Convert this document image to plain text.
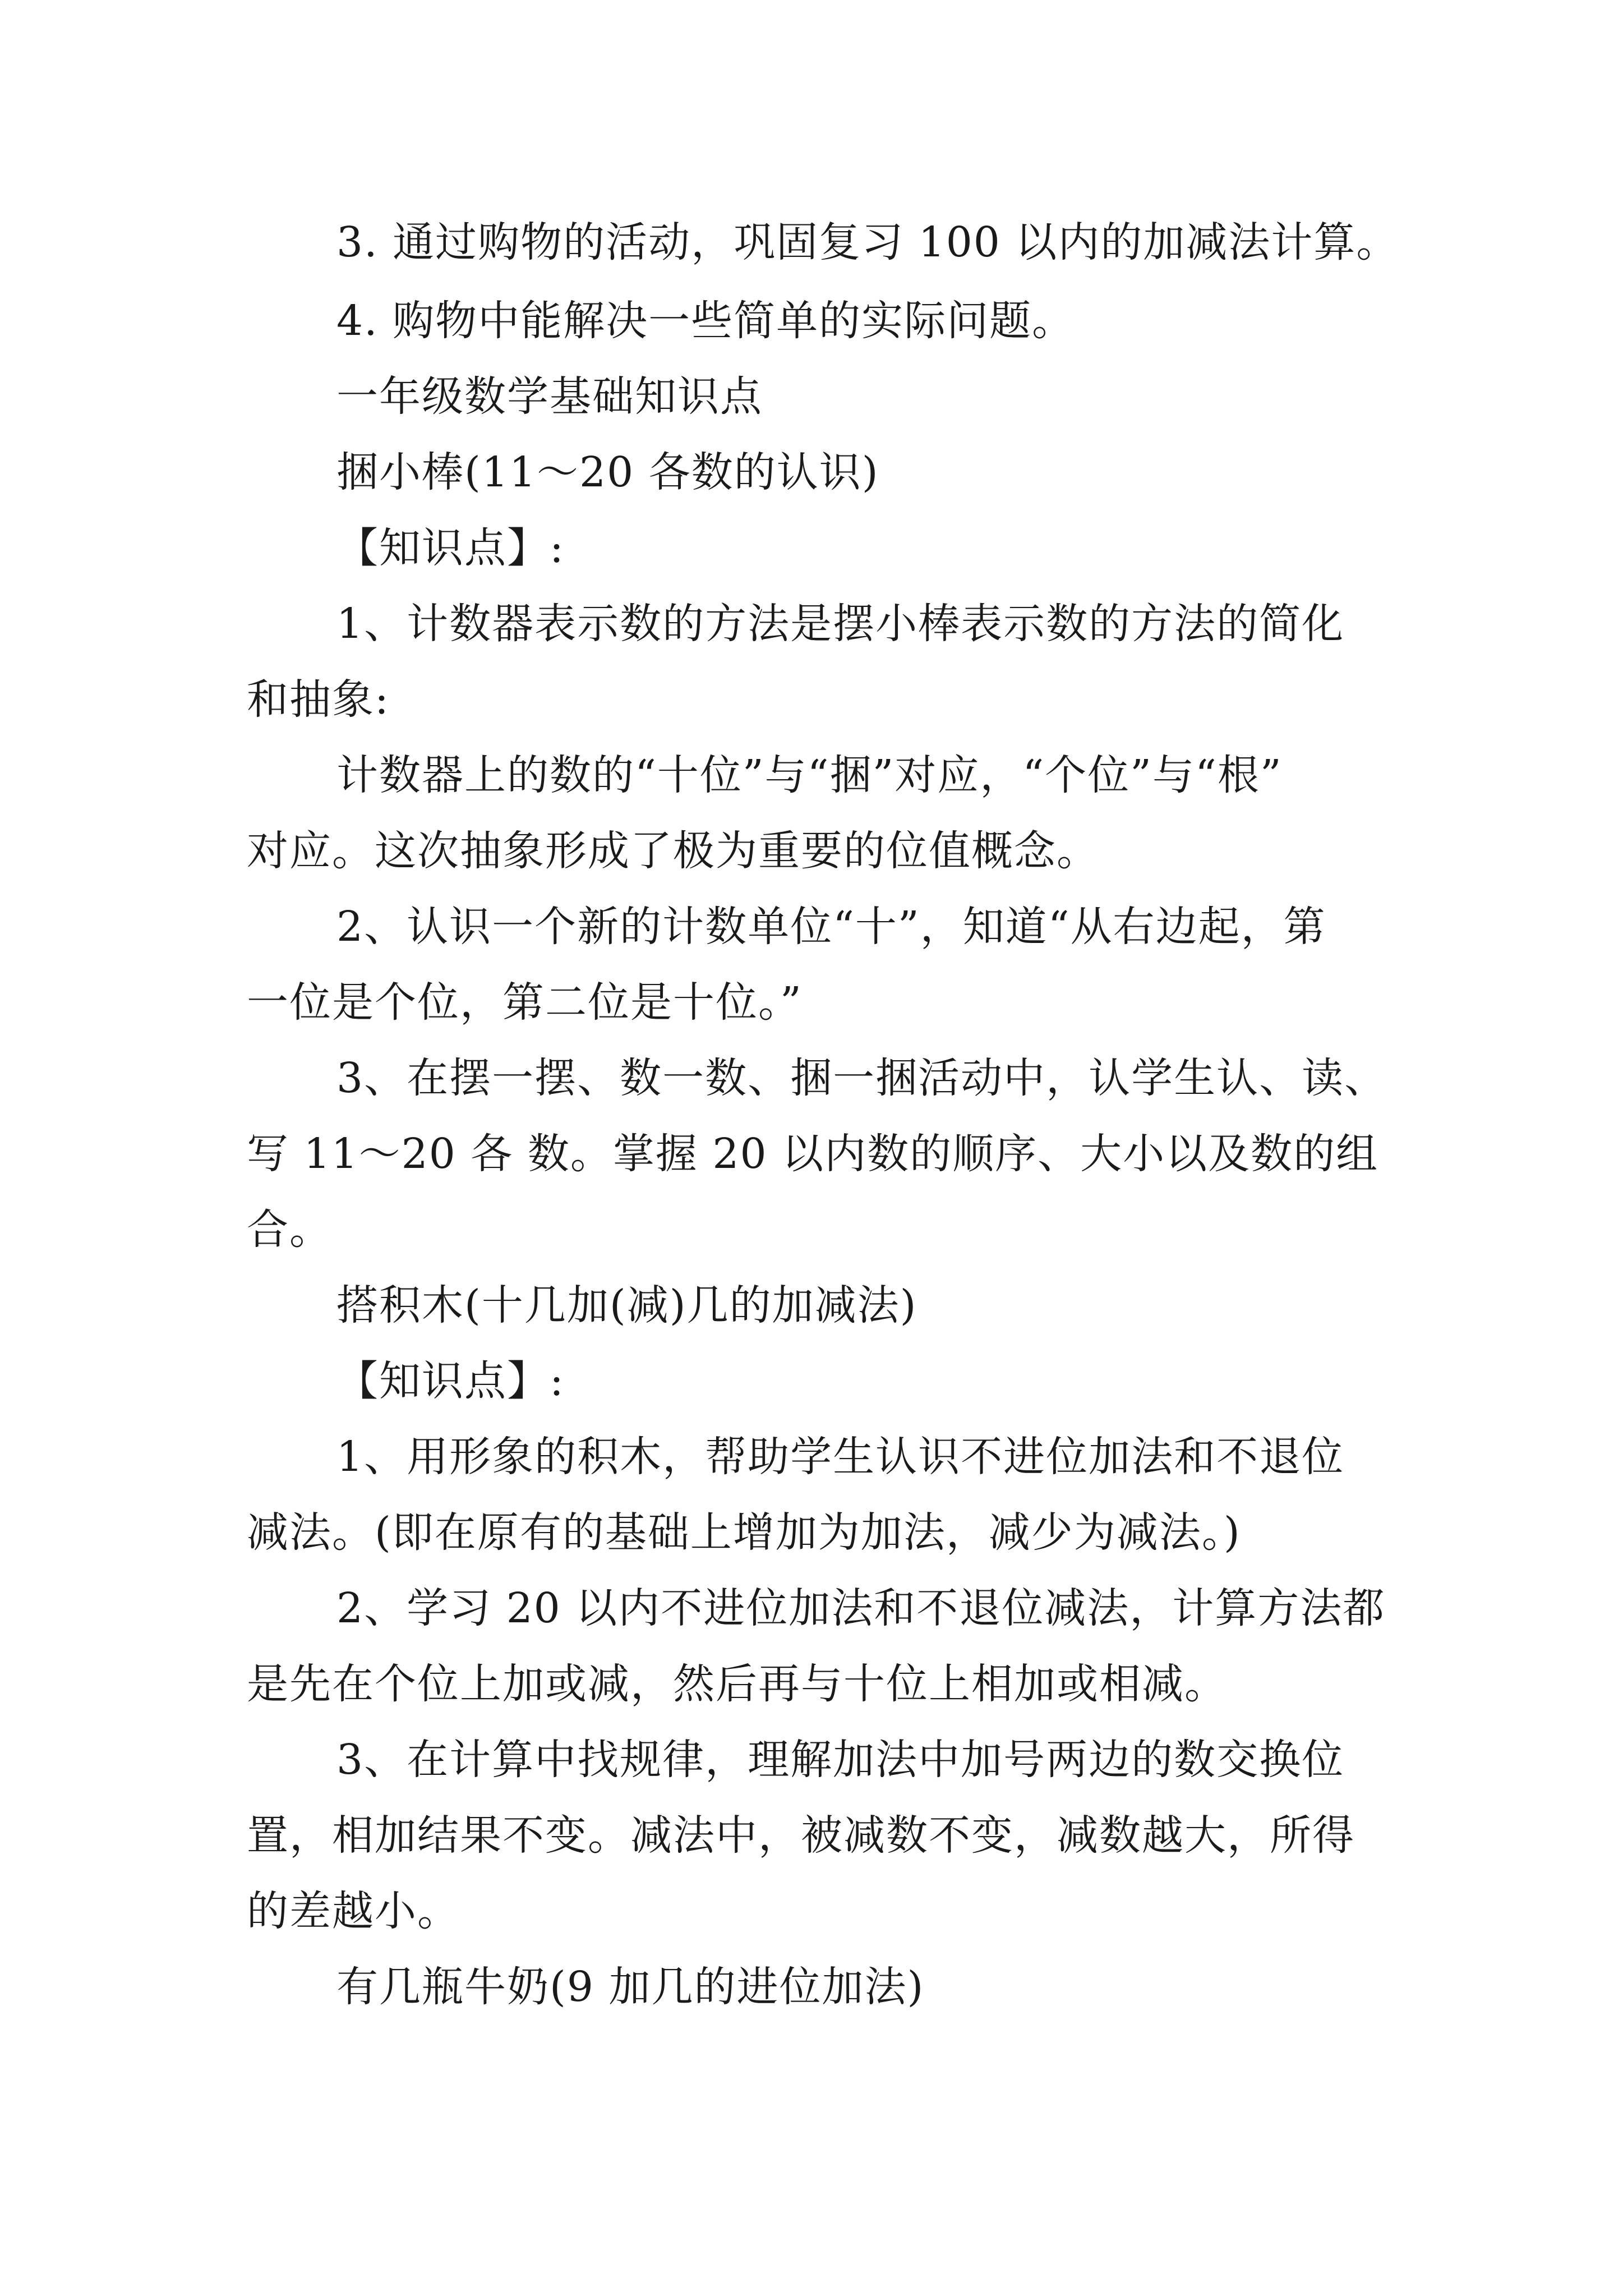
3. 通过购物的活动，巩固复习 100 以内的加减法计算。
4. 购物中能解决一些简单的实际问题。
一年级数学基础知识点
捆小棒(11～20 各数的认识)
【知识点】:
1、计数器表示数的方法是摆小棒表示数的方法的简化
和抽象:
计数器上的数的“十位”与“捆”对应，“个位”与“根”
对应。这次抽象形成了极为重要的位值概念。
2、认识一个新的计数单位“十”，知道“从右边起，第
一位是个位，第二位是十位。”
3、在摆一摆、数一数、捆一捆活动中，认学生认、读、
写 11～20 各 数。掌握 20 以内数的顺序、大小以及数的组
合。
搭积木(十几加(减)几的加减法)
【知识点】:
1、用形象的积木，帮助学生认识不进位加法和不退位
减法。(即在原有的基础上增加为加法，减少为减法。)
2、学习 20 以内不进位加法和不退位减法，计算方法都
是先在个位上加或减，然后再与十位上相加或相减。
3、在计算中找规律，理解加法中加号两边的数交换位
置，相加结果不变。减法中，被减数不变，减数越大，所得
的差越小。
有几瓶牛奶(9 加几的进位加法)
